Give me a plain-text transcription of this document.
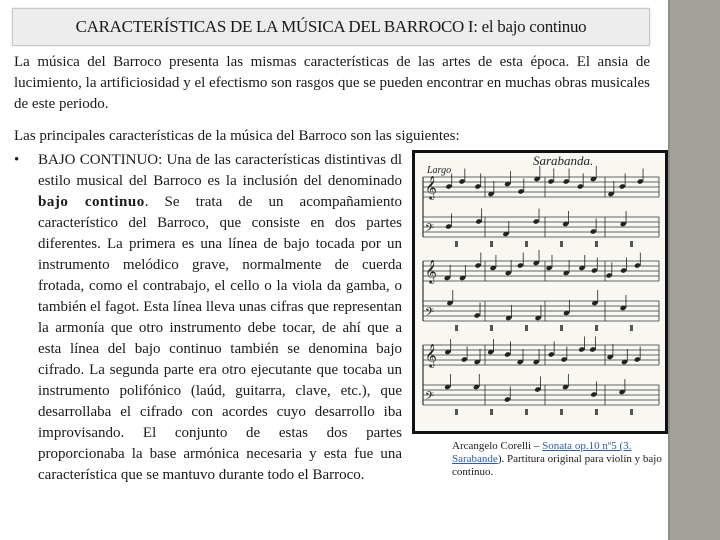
CARACTERÍSTICAS DE LA MÚSICA DEL BARROCO I: el bajo continuo

La música del Barroco presenta las mismas características de las artes de esta época. El ansia de lucimiento, la artificiosidad y el efectismo son rasgos que se pueden encontrar en muchas obras musicales de este periodo.

Las principales características de la música del Barroco son las siguientes:

•	BAJO CONTINUO: Una de las características distintivas dl estilo musical del Barroco es la inclusión del denominado bajo continuo. Se trata de un acompañamiento característico del Barroco, que consiste en dos partes diferentes. La primera es una línea de bajo tocada por un instrumento melódico grave, normalmente de cuerda frotada, como el contrabajo, el cello o la viola da gamba, o también el fagot. Esta línea lleva unas cifras que representan la armonía que otro instrumento debe tocar, de ahí que a esta línea del bajo continuo también se denomina bajo cifrado. La segunda parte era otro ejecutante que tocaba un instrumento polifónico (laúd, guitarra, clave, etc.), que desarrollaba el cifrado con acordes cuyo desarrollo iba improvisando. El conjunto de estas dos partes proporcionaba la base armónica necesaria y esta fue una característica que se mantuvo durante todo el Barroco.

Sarabanda.
Largo
𝄞
𝄢
𝄞
𝄢
𝄞
𝄢

Arcangelo Corelli – Sonata op.10 nº5 (3. Sarabande). Partitura original para violín y bajo continuo.
